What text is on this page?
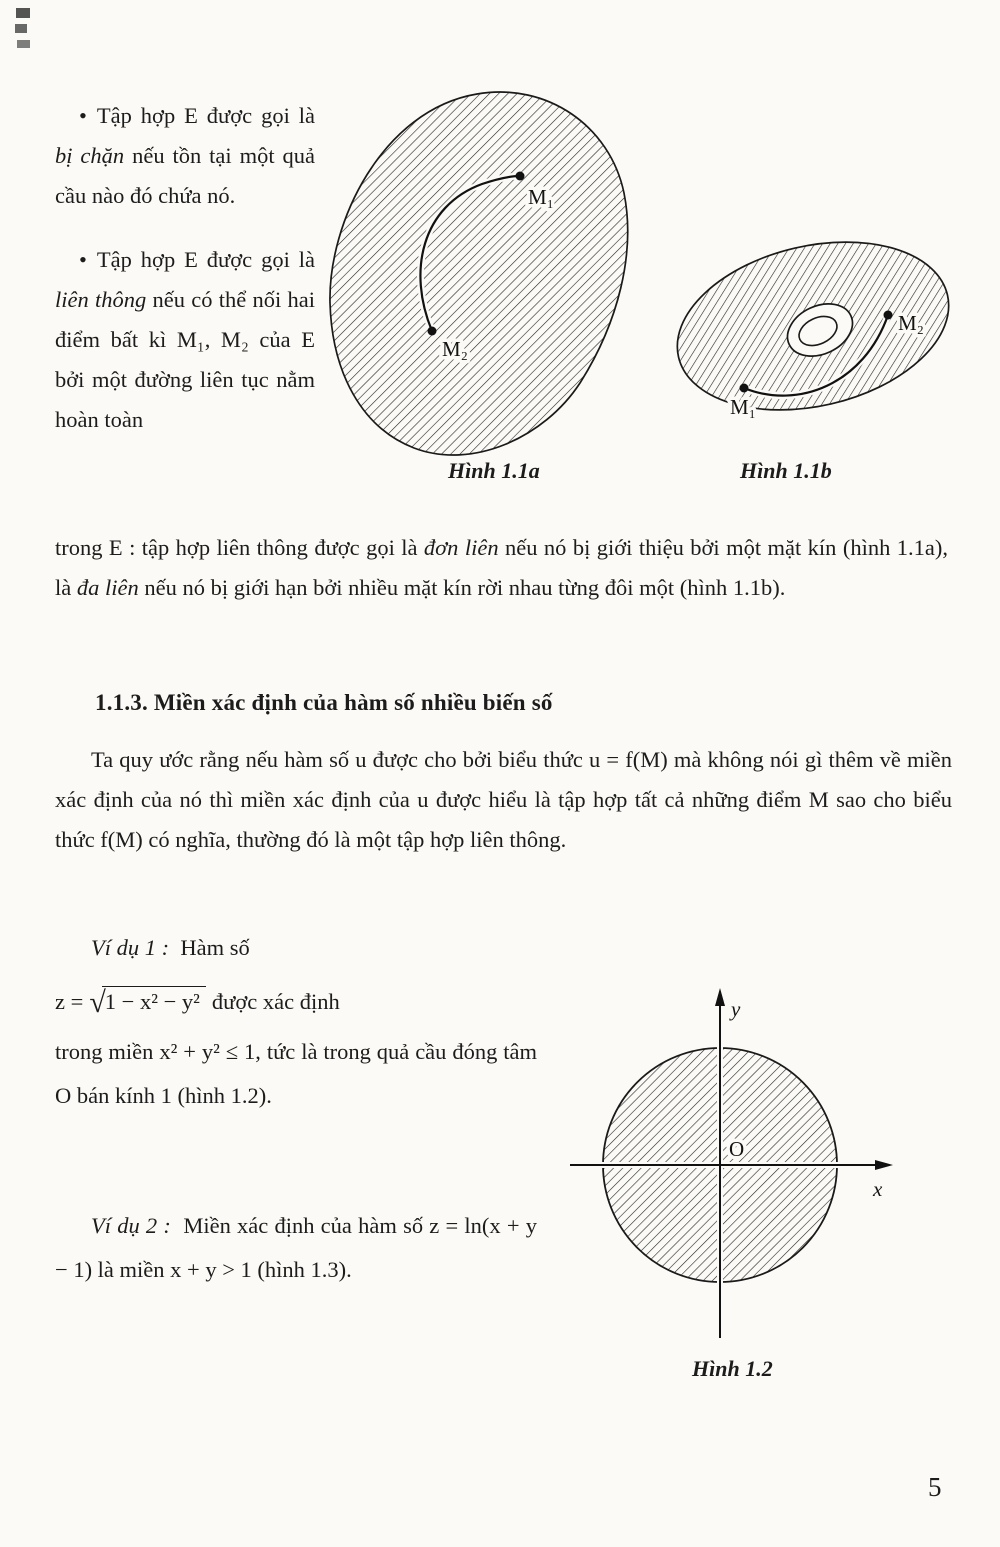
• Tập hợp E được gọi là bị chặn nếu tồn tại một quả cầu nào đó chứa nó.

• Tập hợp E được gọi là liên thông nếu có thể nối hai điểm bất kì M₁, M₂ của E bởi một đường liên tục nằm hoàn toàn

M₁
M₂
Hình 1.1a
M₂
M₁
Hình 1.1b

trong E : tập hợp liên thông được gọi là đơn liên nếu nó bị giới thiệu bởi một mặt kín (hình 1.1a), là đa liên nếu nó bị giới hạn bởi nhiều mặt kín rời nhau từng đôi một (hình 1.1b).

1.1.3. Miền xác định của hàm số nhiều biến số

Ta quy ước rằng nếu hàm số u được cho bởi biểu thức u = f(M) mà không nói gì thêm về miền xác định của nó thì miền xác định của u được hiểu là tập hợp tất cả những điểm M sao cho biểu thức f(M) có nghĩa, thường đó là một tập hợp liên thông.

Ví dụ 1 : Hàm số

z = √1 − x² − y² được xác định

trong miền x² + y² ≤ 1, tức là trong quả cầu đóng tâm O bán kính 1 (hình 1.2).

Ví dụ 2 : Miền xác định của hàm số z = ln(x + y − 1) là miền x + y > 1 (hình 1.3).

y
x
O
Hình 1.2
5
